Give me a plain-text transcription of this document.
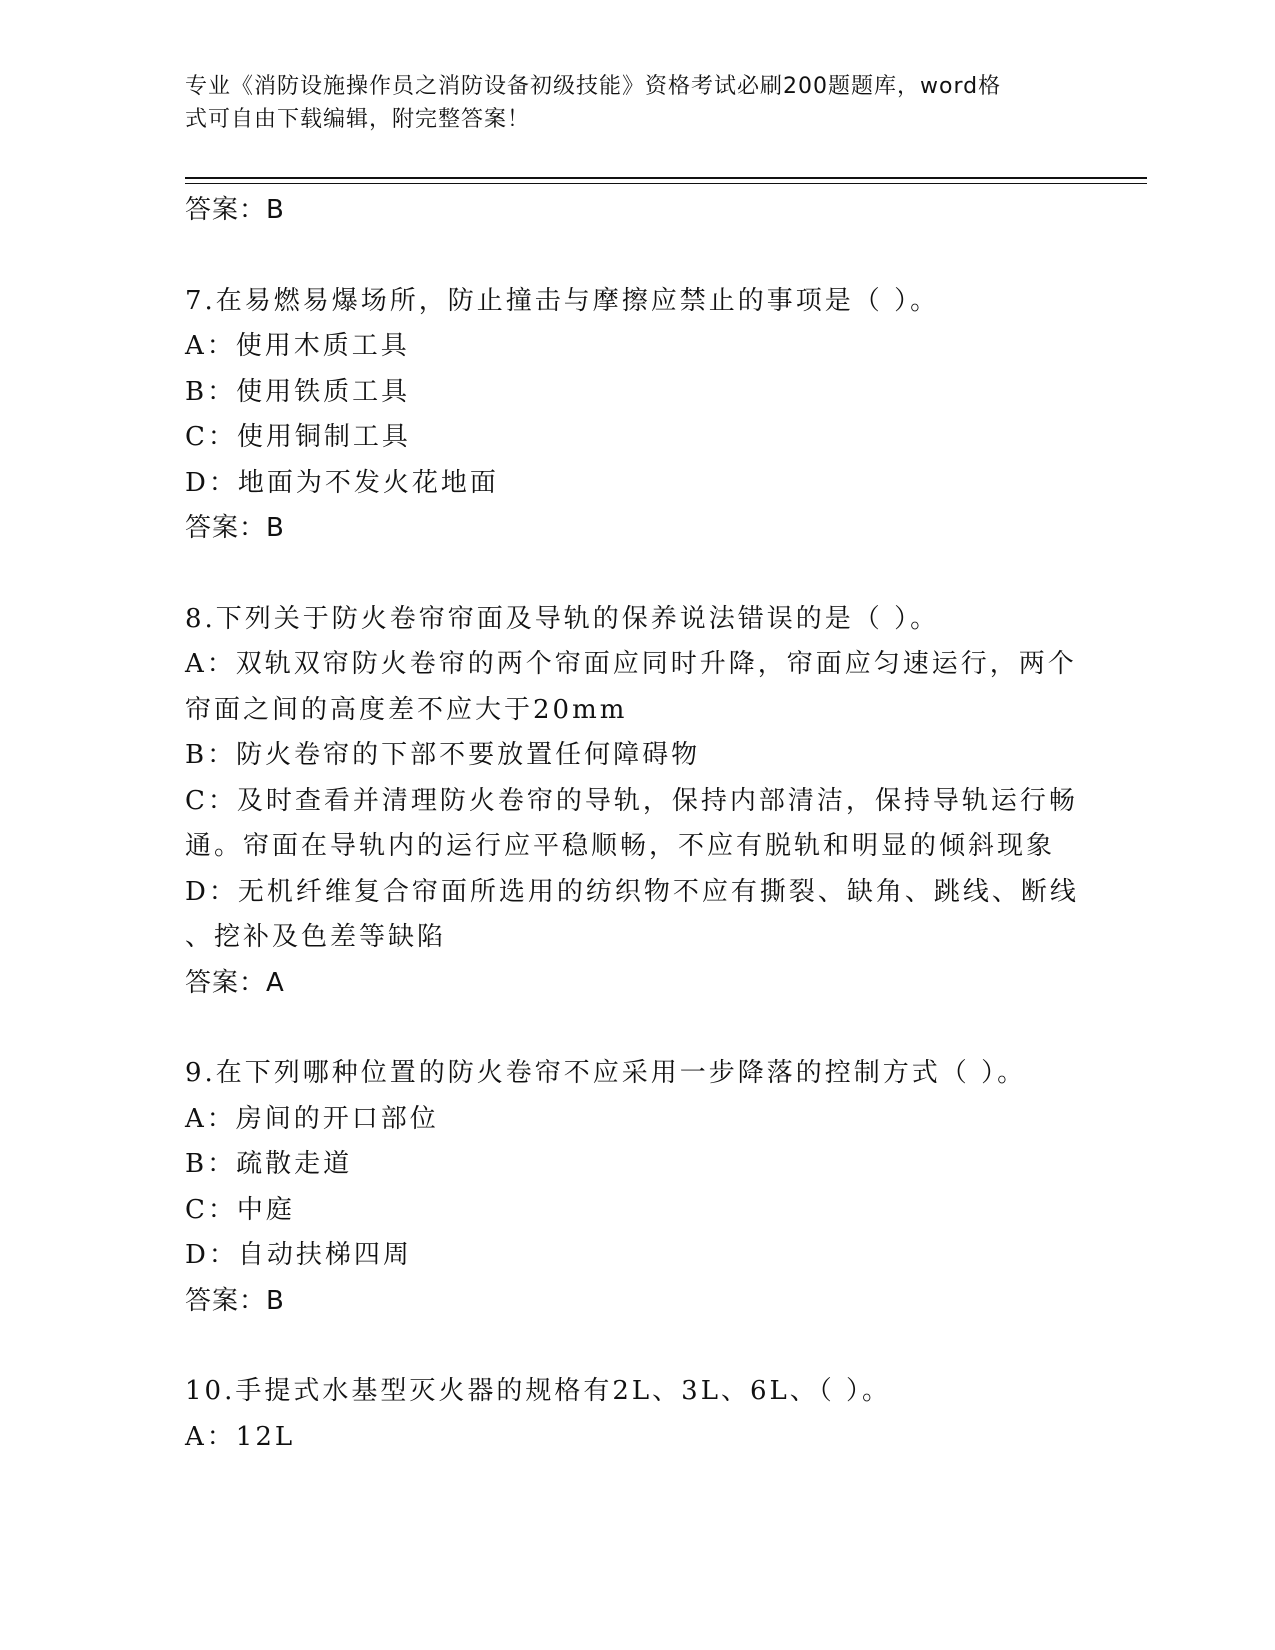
专业《消防设施操作员之消防设备初级技能》资格考试必刷200题题库，word格
式可自由下载编辑，附完整答案！
答案：B
7.在易燃易爆场所，防止撞击与摩擦应禁止的事项是（ ）。
A：使用木质工具
B：使用铁质工具
C：使用铜制工具
D：地面为不发火花地面
答案：B
8.下列关于防火卷帘帘面及导轨的保养说法错误的是（ ）。
A：双轨双帘防火卷帘的两个帘面应同时升降，帘面应匀速运行，两个
帘面之间的高度差不应大于20mm
B：防火卷帘的下部不要放置任何障碍物
C：及时查看并清理防火卷帘的导轨，保持内部清洁，保持导轨运行畅
通。帘面在导轨内的运行应平稳顺畅，不应有脱轨和明显的倾斜现象
D：无机纤维复合帘面所选用的纺织物不应有撕裂、缺角、跳线、断线
、挖补及色差等缺陷
答案：A
9.在下列哪种位置的防火卷帘不应采用一步降落的控制方式（ ）。
A：房间的开口部位
B：疏散走道
C：中庭
D：自动扶梯四周
答案：B
10.手提式水基型灭火器的规格有2L、3L、6L、（ ）。
A：12L
